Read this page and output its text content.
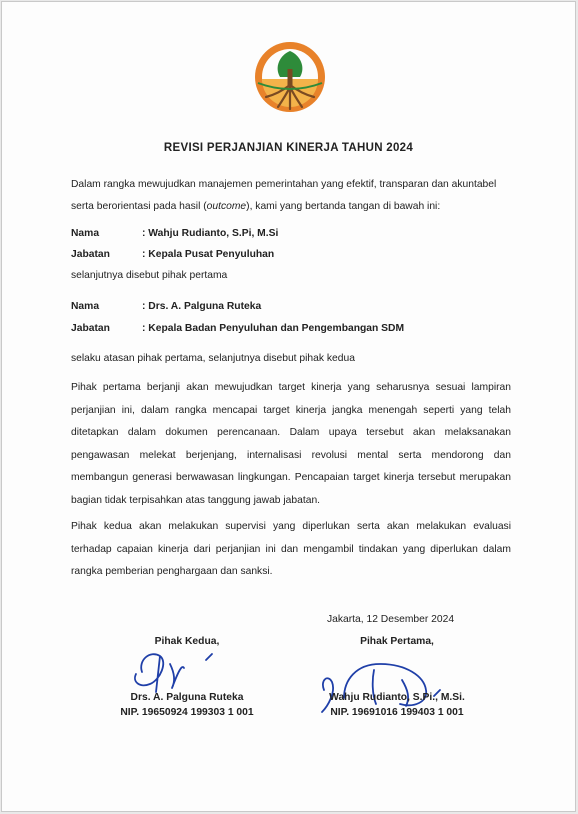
REVISI PERJANJIAN KINERJA TAHUN 2024
Dalam rangka mewujudkan manajemen pemerintahan yang efektif, transparan dan akuntabel serta berorientasi pada hasil (outcome), kami yang bertanda tangan di bawah ini:
Nama	: Wahju Rudianto, S.Pi, M.Si
Jabatan	: Kepala Pusat Penyuluhan
selanjutnya disebut pihak pertama
Nama	: Drs. A. Palguna Ruteka
Jabatan	: Kepala Badan Penyuluhan dan Pengembangan SDM
selaku atasan pihak pertama, selanjutnya disebut pihak kedua
Pihak pertama berjanji akan mewujudkan target kinerja yang seharusnya sesuai lampiran perjanjian ini, dalam rangka mencapai target kinerja jangka menengah seperti yang telah ditetapkan dalam dokumen perencanaan. Dalam upaya tersebut akan melaksanakan pengawasan melekat berjenjang, internalisasi revolusi mental serta mendorong dan membangun generasi berwawasan lingkungan. Pencapaian target kinerja tersebut merupakan bagian tidak terpisahkan atas tanggung jawab jabatan.
Pihak kedua akan melakukan supervisi yang diperlukan serta akan melakukan evaluasi terhadap capaian kinerja dari perjanjian ini dan mengambil tindakan yang diperlukan dalam rangka pemberian penghargaan dan sanksi.
Jakarta, 12 Desember 2024
Pihak Kedua,
Drs. A. Palguna Ruteka
NIP. 19650924 199303 1 001
Pihak Pertama,
Wahju Rudianto, S.Pi., M.Si.
NIP. 19691016 199403 1 001
